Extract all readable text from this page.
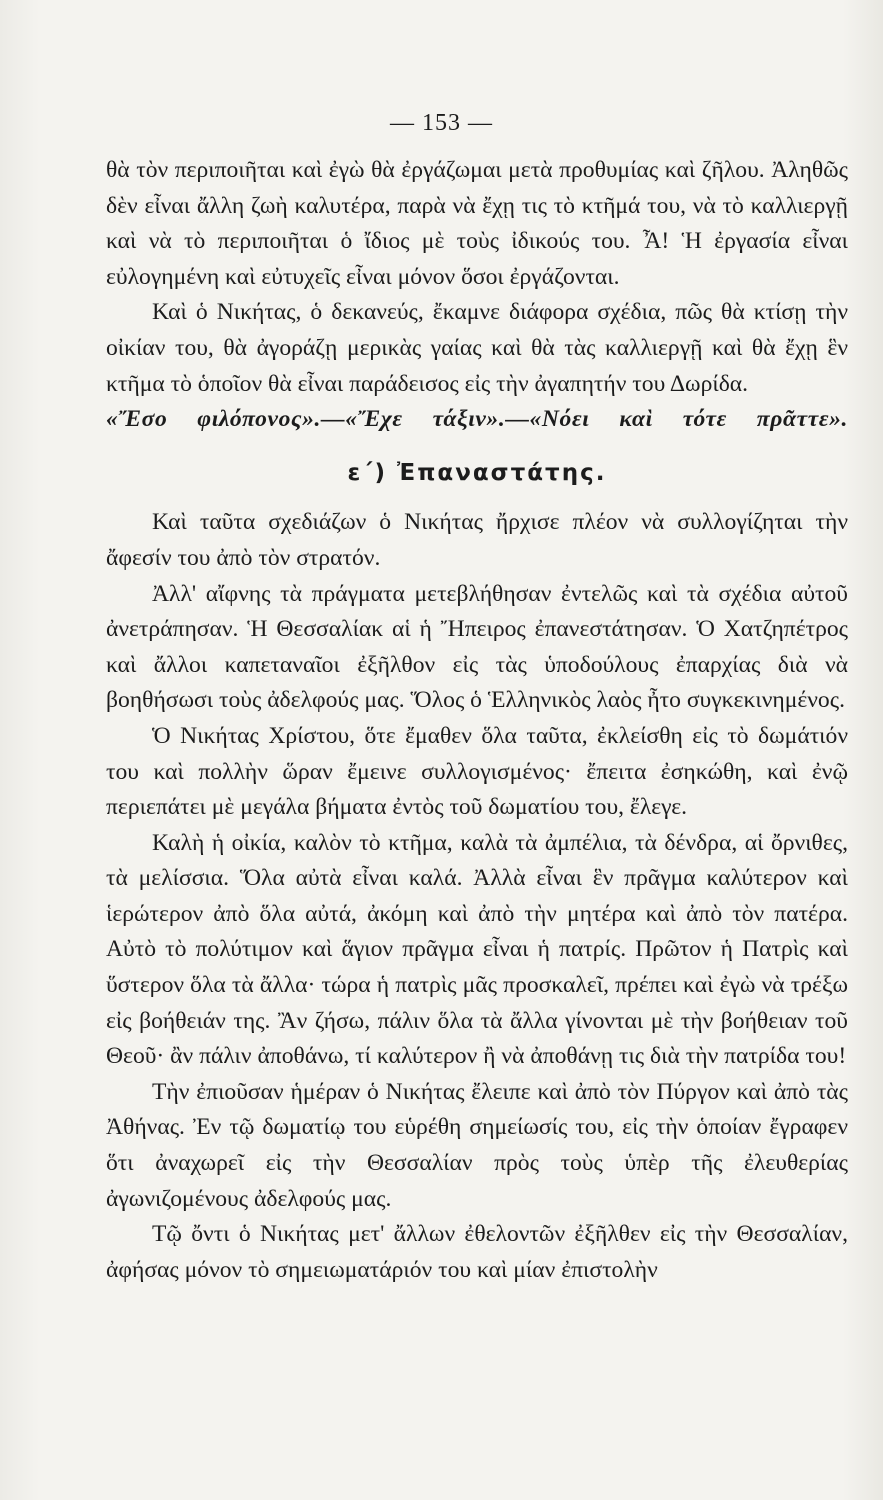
— 153 —

θὰ τὸν περιποιῆται καὶ ἐγὼ θὰ ἐργάζωμαι μετὰ προθυμίας καὶ ζῆλου. Ἀληθῶς δὲν εἶναι ἄλλη ζωὴ καλυτέρα, παρὰ νὰ ἔχῃ τις τὸ κτῆμά του, νὰ τὸ καλλιεργῇ καὶ νὰ τὸ περιποιῆται ὁ ἴδιος μὲ τοὺς ἰδικούς του. Ἆ! Ἡ ἐργασία εἶναι εὐλογημένη καὶ εὐτυχεῖς εἶναι μόνον ὅσοι ἐργάζονται.

Καὶ ὁ Νικήτας, ὁ δεκανεύς, ἔκαμνε διάφορα σχέδια, πῶς θὰ κτίσῃ τὴν οἰκίαν του, θὰ ἀγοράζῃ μερικὰς γαίας καὶ θὰ τὰς καλλιεργῇ καὶ θὰ ἔχῃ ἓν κτῆμα τὸ ὁποῖον θὰ εἶναι παράδεισος εἰς τὴν ἀγαπητήν του Δωρίδα.

«Ἔσο φιλόπονος».—«Ἔχε τάξιν».—«Νόει καὶ τότε πρᾶττε».

ε΄) Ἐπαναστάτης.

Καὶ ταῦτα σχεδιάζων ὁ Νικήτας ἤρχισε πλέον νὰ συλλογίζηται τὴν ἄφεσίν του ἀπὸ τὸν στρατόν.

Ἀλλ' αἴφνης τὰ πράγματα μετεβλήθησαν ἐντελῶς καὶ τὰ σχέδια αὐτοῦ ἀνετράπησαν. Ἡ Θεσσαλίακ αἱ ἡ Ἤπειρος ἐπανεστάτησαν. Ὁ Χατζηπέτρος καὶ ἄλλοι καπεταναῖοι ἐξῆλθον εἰς τὰς ὑποδούλους ἐπαρχίας διὰ νὰ βοηθήσωσι τοὺς ἀδελφούς μας. Ὅλος ὁ Ἑλληνικὸς λαὸς ἦτο συγκεκινημένος.

Ὁ Νικήτας Χρίστου, ὅτε ἔμαθεν ὅλα ταῦτα, ἐκλείσθη εἰς τὸ δωμάτιόν του καὶ πολλὴν ὥραν ἔμεινε συλλογισμένος· ἔπειτα ἐσηκώθη, καὶ ἐνῷ περιεπάτει μὲ μεγάλα βήματα ἐντὸς τοῦ δωματίου του, ἔλεγε.

Καλὴ ἡ οἰκία, καλὸν τὸ κτῆμα, καλὰ τὰ ἀμπέλια, τὰ δένδρα, αἱ ὄρνιθες, τὰ μελίσσια. Ὅλα αὐτὰ εἶναι καλά. Ἀλλὰ εἶναι ἓν πρᾶγμα καλύτερον καὶ ἱερώτερον ἀπὸ ὅλα αὐτά, ἀκόμη καὶ ἀπὸ τὴν μητέρα καὶ ἀπὸ τὸν πατέρα. Αὐτὸ τὸ πολύτιμον καὶ ἅγιον πρᾶγμα εἶναι ἡ πατρίς. Πρῶτον ἡ Πατρὶς καὶ ὕστερον ὅλα τὰ ἄλλα· τώρα ἡ πατρὶς μᾶς προσκαλεῖ, πρέπει καὶ ἐγὼ νὰ τρέξω εἰς βοήθειάν της. Ἂν ζήσω, πάλιν ὅλα τὰ ἄλλα γίνονται μὲ τὴν βοήθειαν τοῦ Θεοῦ· ἂν πάλιν ἀποθάνω, τί καλύτερον ἢ νὰ ἀποθάνῃ τις διὰ τὴν πατρίδα του!

Τὴν ἐπιοῦσαν ἡμέραν ὁ Νικήτας ἔλειπε καὶ ἀπὸ τὸν Πύργον καὶ ἀπὸ τὰς Ἀθήνας. Ἐν τῷ δωματίῳ του εὑρέθη σημείωσίς του, εἰς τὴν ὁποίαν ἔγραφεν ὅτι ἀναχωρεῖ εἰς τὴν Θεσσαλίαν πρὸς τοὺς ὑπὲρ τῆς ἐλευθερίας ἀγωνιζομένους ἀδελφούς μας.

Τῷ ὄντι ὁ Νικήτας μετ' ἄλλων ἐθελοντῶν ἐξῆλθεν εἰς τὴν Θεσσαλίαν, ἀφήσας μόνον τὸ σημειωματάριόν του καὶ μίαν ἐπιστολὴν
